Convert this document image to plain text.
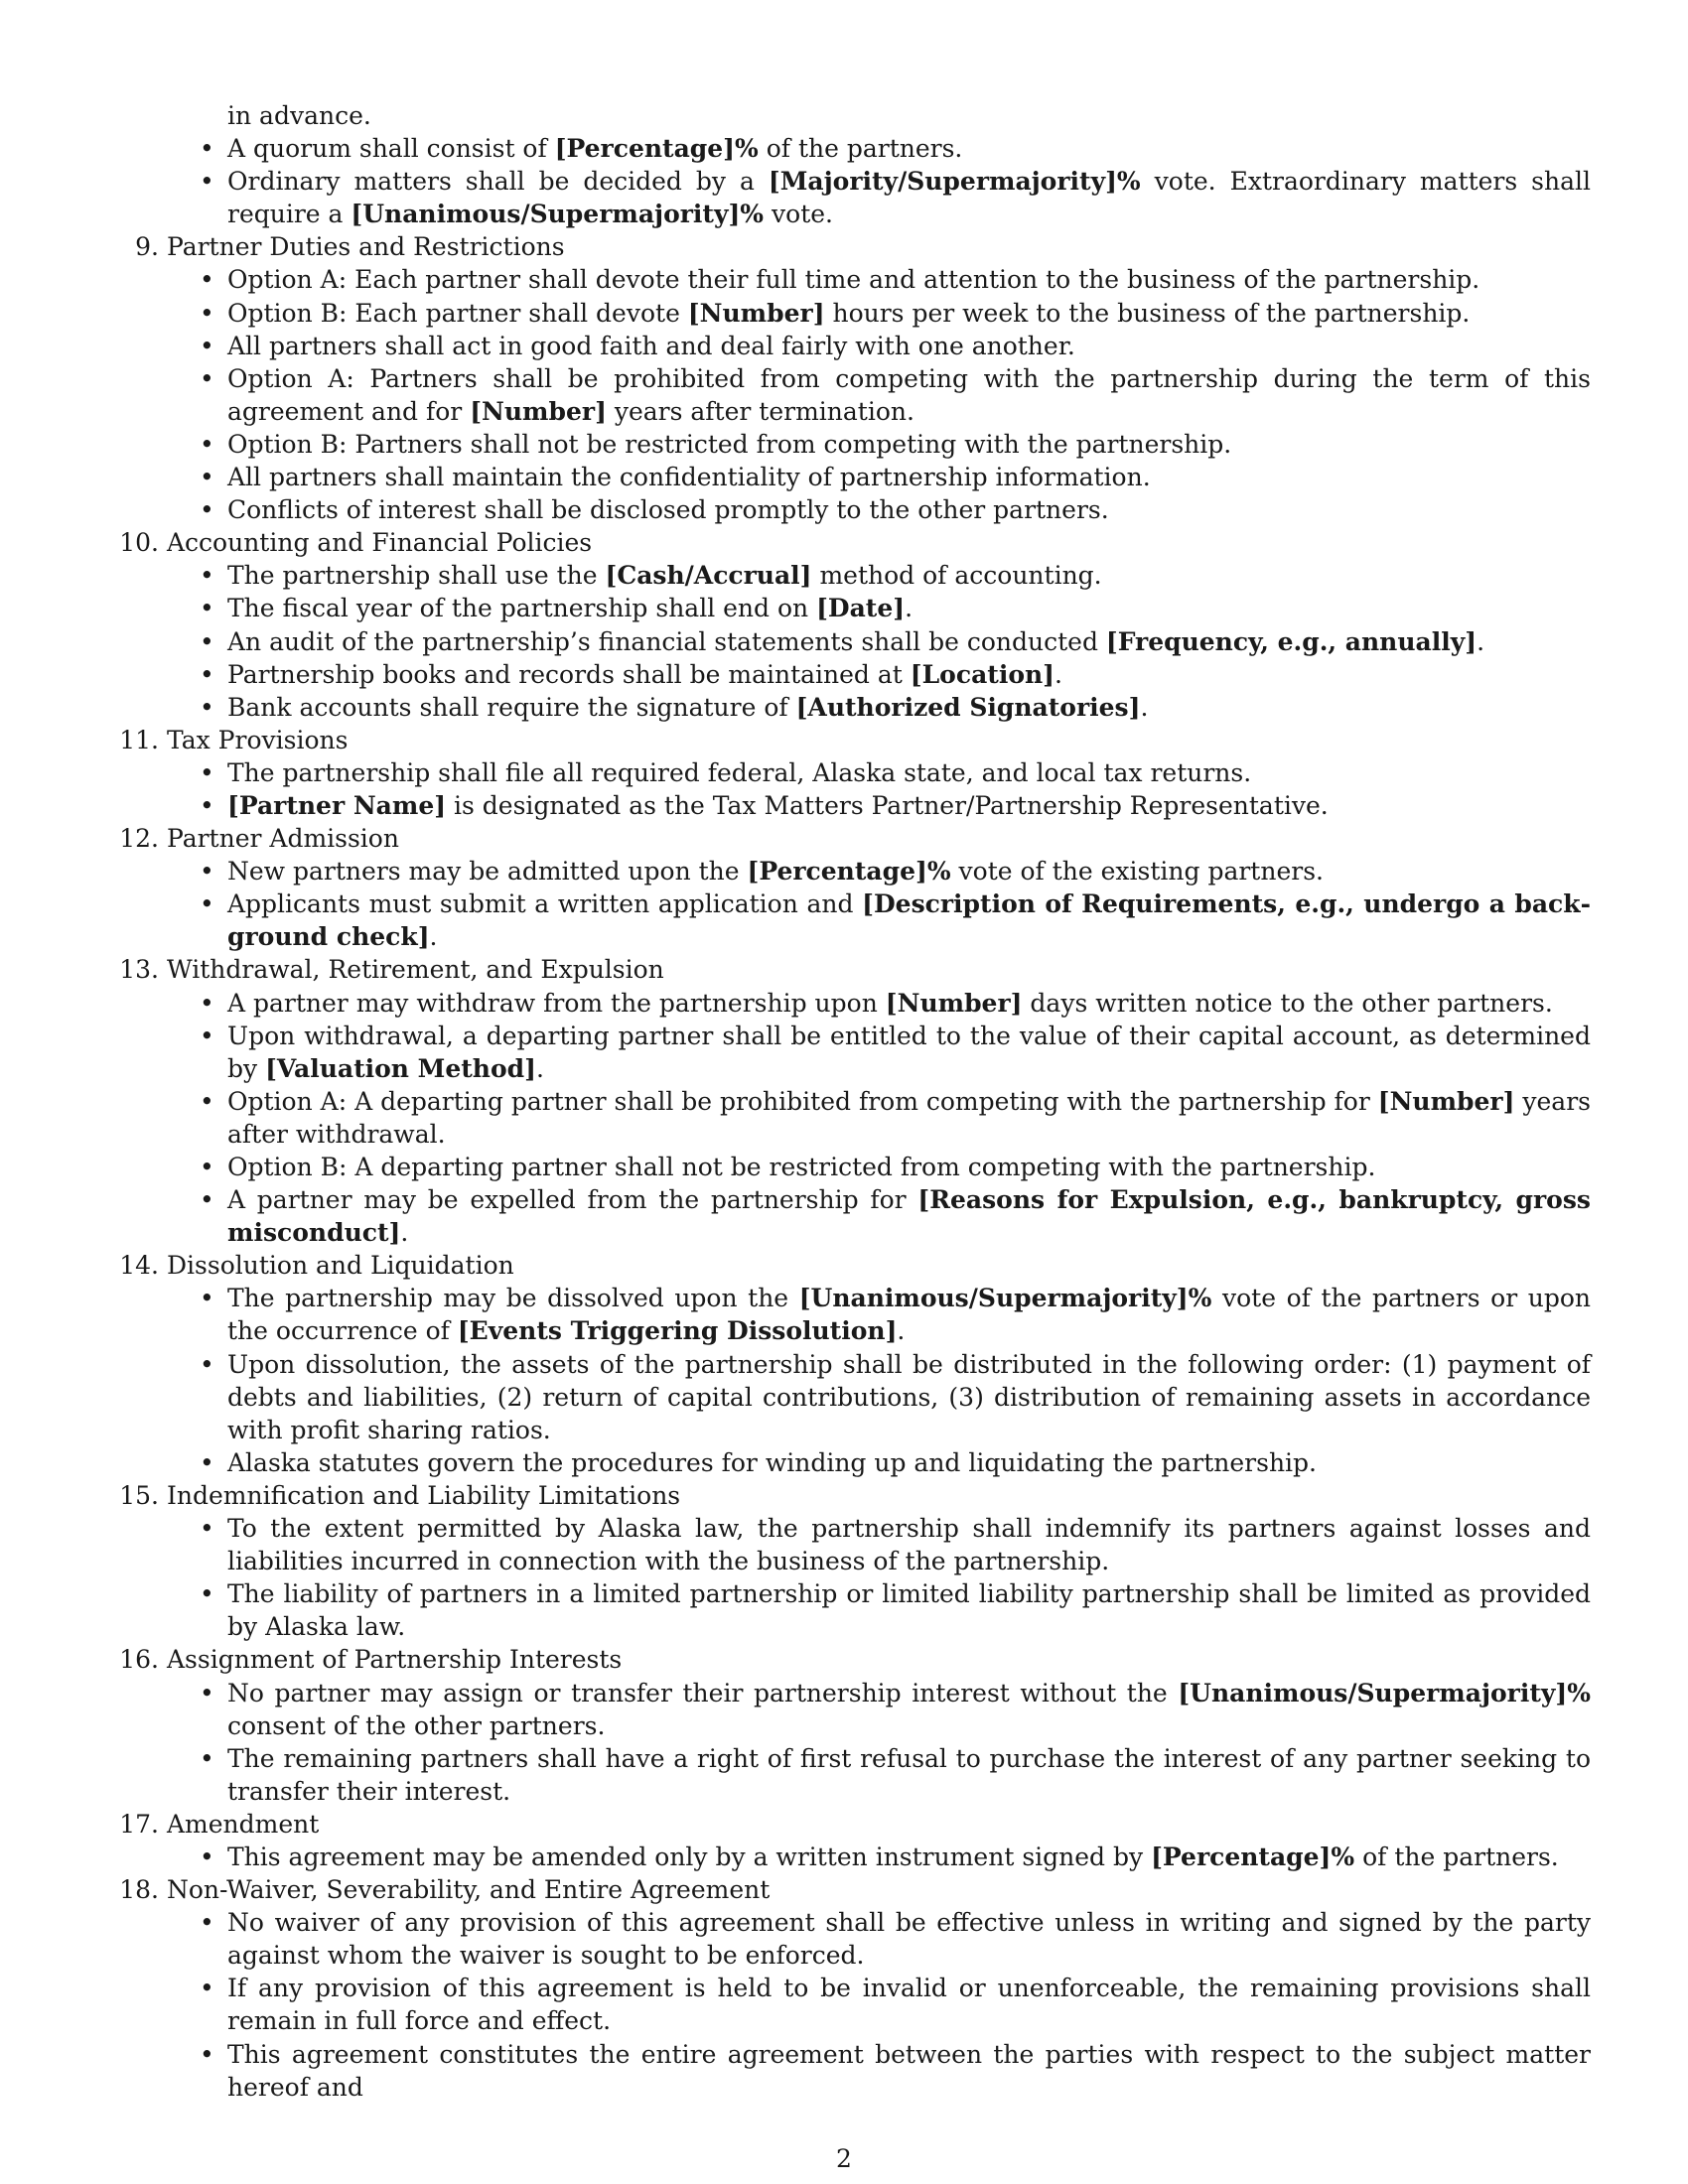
in advance.
• A quorum shall consist of [Percentage]% of the partners.
• Ordinary matters shall be decided by a [Majority/Supermajority]% vote. Extraordinary matters shall require a [Unanimous/Supermajority]% vote.
9. Partner Duties and Restrictions
• Option A: Each partner shall devote their full time and attention to the business of the partnership.
• Option B: Each partner shall devote [Number] hours per week to the business of the partnership.
• All partners shall act in good faith and deal fairly with one another.
• Option A: Partners shall be prohibited from competing with the partnership during the term of this agreement and for [Number] years after termination.
• Option B: Partners shall not be restricted from competing with the partnership.
• All partners shall maintain the confidentiality of partnership information.
• Conflicts of interest shall be disclosed promptly to the other partners.
10. Accounting and Financial Policies
• The partnership shall use the [Cash/Accrual] method of accounting.
• The fiscal year of the partnership shall end on [Date].
• An audit of the partnership’s financial statements shall be conducted [Frequency, e.g., annually].
• Partnership books and records shall be maintained at [Location].
• Bank accounts shall require the signature of [Authorized Signatories].
11. Tax Provisions
• The partnership shall file all required federal, Alaska state, and local tax returns.
• [Partner Name] is designated as the Tax Matters Partner/Partnership Representative.
12. Partner Admission
• New partners may be admitted upon the [Percentage]% vote of the existing partners.
• Applicants must submit a written application and [Description of Requirements, e.g., undergo a background check].
13. Withdrawal, Retirement, and Expulsion
• A partner may withdraw from the partnership upon [Number] days written notice to the other partners.
• Upon withdrawal, a departing partner shall be entitled to the value of their capital account, as determined by [Valuation Method].
• Option A: A departing partner shall be prohibited from competing with the partnership for [Number] years after withdrawal.
• Option B: A departing partner shall not be restricted from competing with the partnership.
• A partner may be expelled from the partnership for [Reasons for Expulsion, e.g., bankruptcy, gross misconduct].
14. Dissolution and Liquidation
• The partnership may be dissolved upon the [Unanimous/Supermajority]% vote of the partners or upon the occurrence of [Events Triggering Dissolution].
• Upon dissolution, the assets of the partnership shall be distributed in the following order: (1) payment of debts and liabilities, (2) return of capital contributions, (3) distribution of remaining assets in accordance with profit sharing ratios.
• Alaska statutes govern the procedures for winding up and liquidating the partnership.
15. Indemnification and Liability Limitations
• To the extent permitted by Alaska law, the partnership shall indemnify its partners against losses and liabilities incurred in connection with the business of the partnership.
• The liability of partners in a limited partnership or limited liability partnership shall be limited as provided by Alaska law.
16. Assignment of Partnership Interests
• No partner may assign or transfer their partnership interest without the [Unanimous/Supermajority]% consent of the other partners.
• The remaining partners shall have a right of first refusal to purchase the interest of any partner seeking to transfer their interest.
17. Amendment
• This agreement may be amended only by a written instrument signed by [Percentage]% of the partners.
18. Non-Waiver, Severability, and Entire Agreement
• No waiver of any provision of this agreement shall be effective unless in writing and signed by the party against whom the waiver is sought to be enforced.
• If any provision of this agreement is held to be invalid or unenforceable, the remaining provisions shall remain in full force and effect.
• This agreement constitutes the entire agreement between the parties with respect to the subject matter hereof and
2
